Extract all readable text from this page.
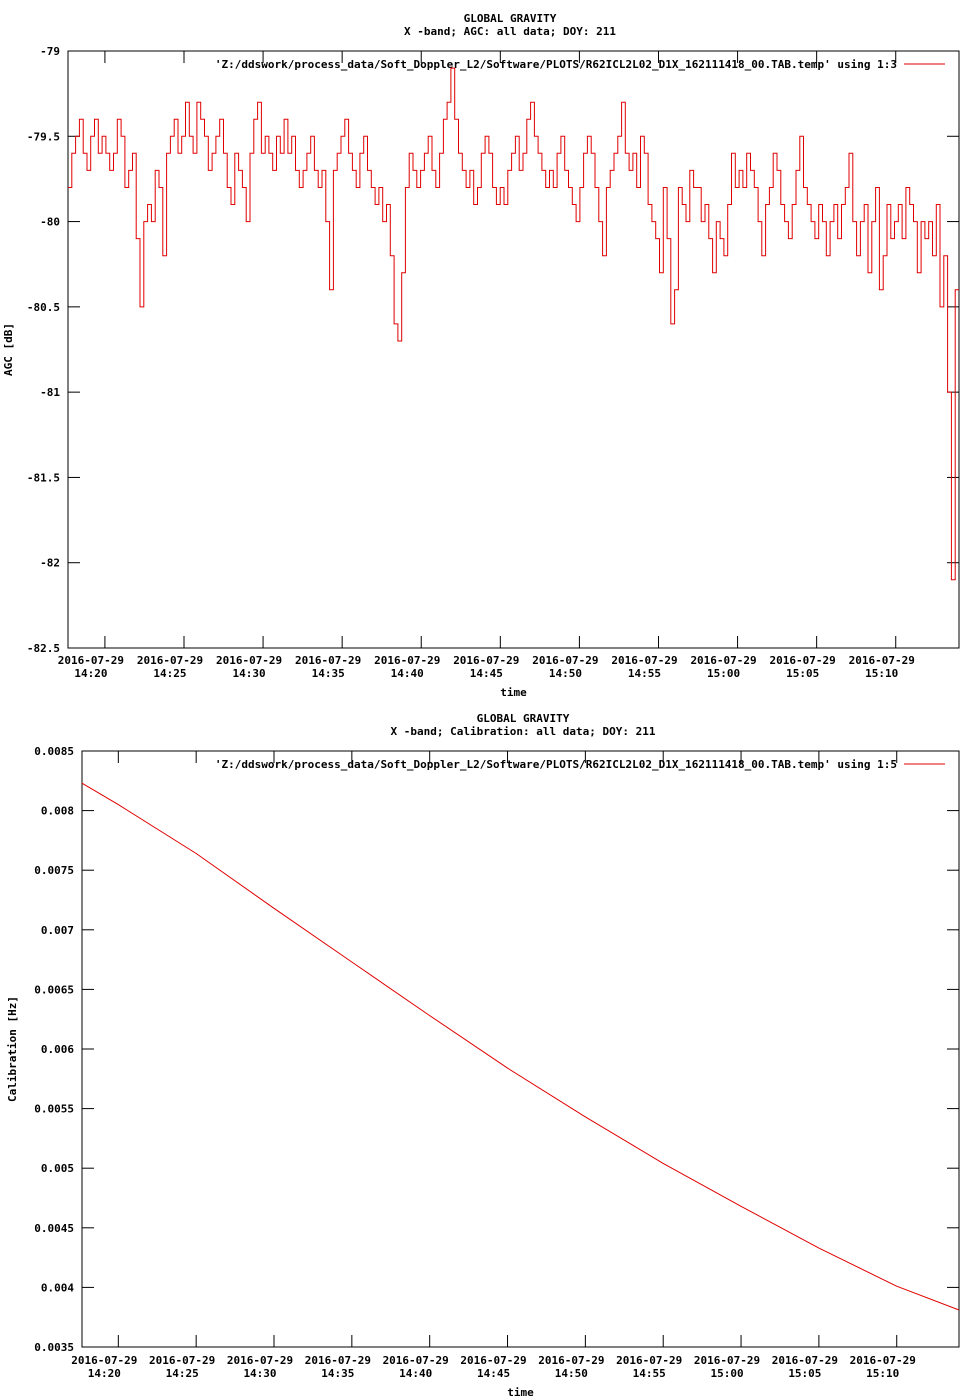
GLOBAL GRAVITY
X -band; AGC: all data; DOY: 211
-82.5
-82
-81.5
-81
-80.5
-80
-79.5
-79
2016-07-29
14:20
2016-07-29
14:25
2016-07-29
14:30
2016-07-29
14:35
2016-07-29
14:40
2016-07-29
14:45
2016-07-29
14:50
2016-07-29
14:55
2016-07-29
15:00
2016-07-29
15:05
2016-07-29
15:10
time
AGC [dB]
'Z:/ddswork/process_data/Soft_Doppler_L2/Software/PLOTS/R62ICL2L02_D1X_162111418_00.TAB.temp' using 1:3
GLOBAL GRAVITY
X -band; Calibration: all data; DOY: 211
0.0035
0.004
0.0045
0.005
0.0055
0.006
0.0065
0.007
0.0075
0.008
0.0085
2016-07-29
14:20
2016-07-29
14:25
2016-07-29
14:30
2016-07-29
14:35
2016-07-29
14:40
2016-07-29
14:45
2016-07-29
14:50
2016-07-29
14:55
2016-07-29
15:00
2016-07-29
15:05
2016-07-29
15:10
time
Calibration [Hz]
'Z:/ddswork/process_data/Soft_Doppler_L2/Software/PLOTS/R62ICL2L02_D1X_162111418_00.TAB.temp' using 1:5
